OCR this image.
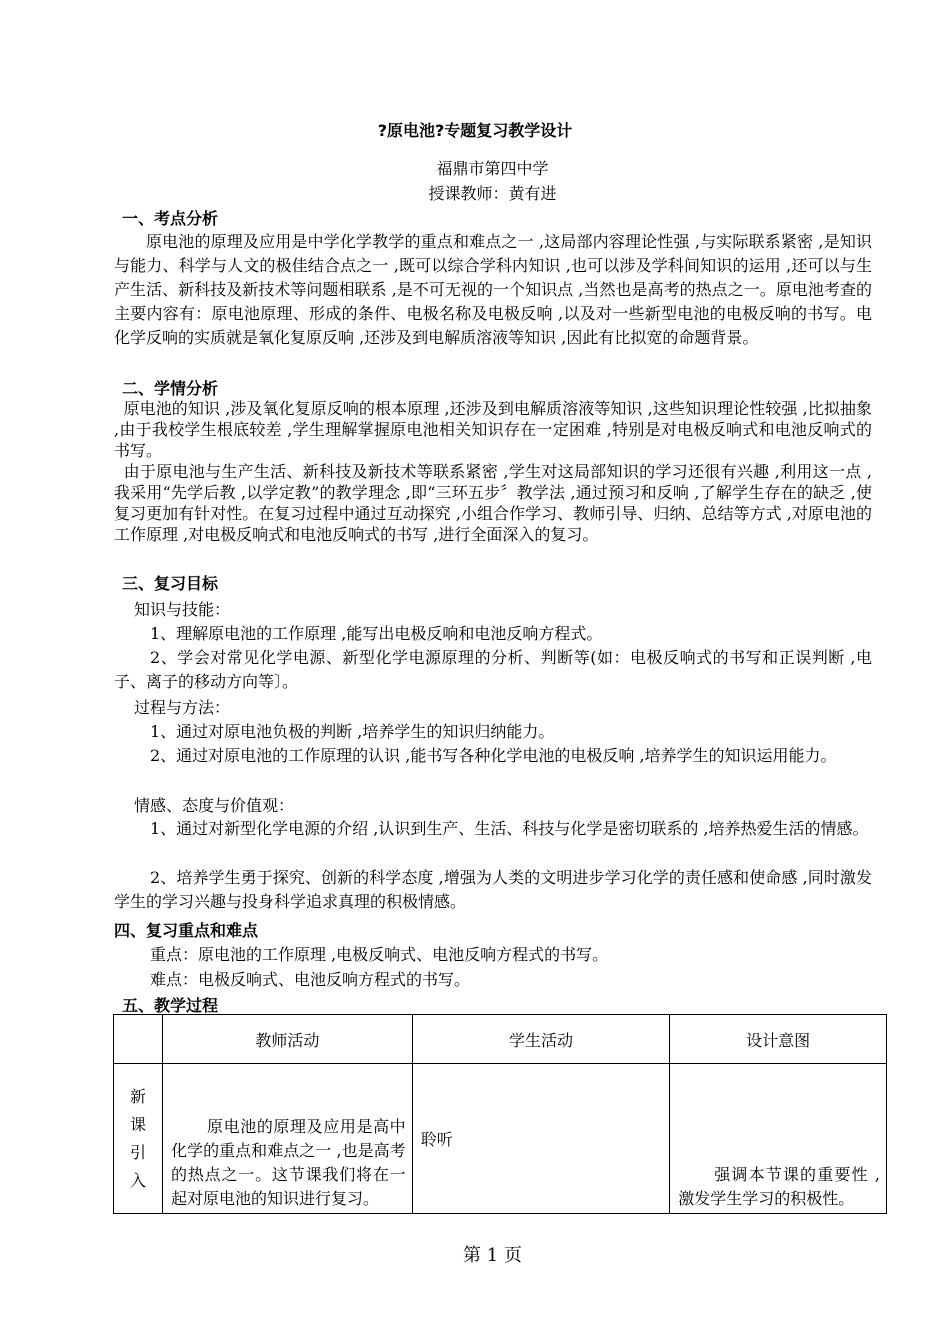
?原电池?专题复习教学设计
福鼎市第四中学
授课教师：黄有进
一、考点分析
原电池的原理及应用是中学化学教学的重点和难点之一 ,这局部内容理论性强 ,与实际联系紧密 ,是知识与能力、科学与人文的极佳结合点之一 ,既可以综合学科内知识 ,也可以涉及学科间知识的运用 ,还可以与生产生活、新科技及新技术等问题相联系 ,是不可无视的一个知识点 ,当然也是高考的热点之一。原电池考查的主要内容有：原电池原理、形成的条件、电极名称及电极反响 ,以及对一些新型电池的电极反响的书写。电化学反响的实质就是氧化复原反响 ,还涉及到电解质溶液等知识 ,因此有比拟宽的命题背景。
二、学情分析
原电池的知识 ,涉及氧化复原反响的根本原理 ,还涉及到电解质溶液等知识 ,这些知识理论性较强 ,比拟抽象 ,由于我校学生根底较差 ,学生理解掌握原电池相关知识存在一定困难 ,特别是对电极反响式和电池反响式的书写。
由于原电池与生产生活、新科技及新技术等联系紧密 ,学生对这局部知识的学习还很有兴趣 ,利用这一点 ,我采用“先学后教 ,以学定教”的教学理念 ,即“三环五步〞教学法 ,通过预习和反响 ,了解学生存在的缺乏 ,使复习更加有针对性。在复习过程中通过互动探究 ,小组合作学习、教师引导、归纳、总结等方式 ,对原电池的工作原理 ,对电极反响式和电池反响式的书写 ,进行全面深入的复习。
三、复习目标
知识与技能：
1、理解原电池的工作原理 ,能写出电极反响和电池反响方程式。
2、学会对常见化学电源、新型化学电源原理的分析、判断等(如：电极反响式的书写和正误判断 ,电子、离子的移动方向等〕。
过程与方法：
1、通过对原电池负极的判断 ,培养学生的知识归纳能力。
2、通过对原电池的工作原理的认识 ,能书写各种化学电池的电极反响 ,培养学生的知识运用能力。
情感、态度与价值观：
1、通过对新型化学电源的介绍 ,认识到生产、生活、科技与化学是密切联系的 ,培养热爱生活的情感。
2、培养学生勇于探究、创新的科学态度 ,增强为人类的文明进步学习化学的责任感和使命感 ,同时激发学生的学习兴趣与投身科学追求真理的积极情感。
四、复习重点和难点
重点：原电池的工作原理 ,电极反响式、电池反响方程式的书写。
难点：电极反响式、电池反响方程式的书写。
五、教学过程
	教师活动	学生活动	设计意图

新
课
引
入	原电池的原理及应用是高中化学的重点和难点之一 ,也是高考的热点之一。这节课我们将在一起对原电池的知识进行复习。	聆听	强调本节课的重要性 ,激发学生学习的积极性。
第 1 页
